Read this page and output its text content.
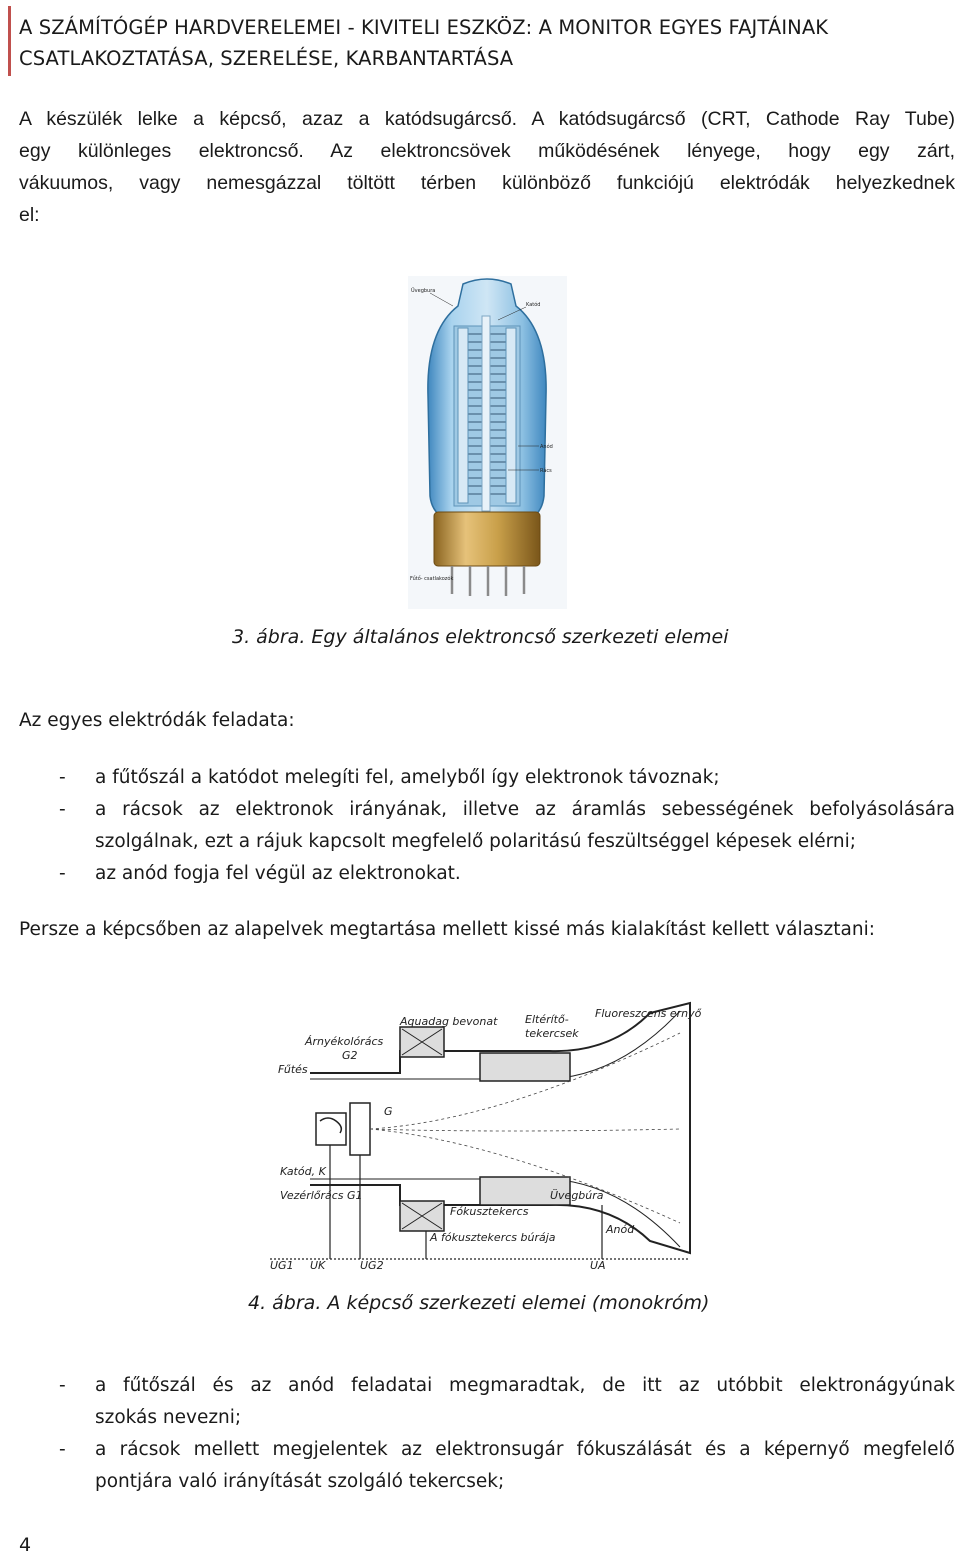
A SZÁMÍTÓGÉP HARDVERELEMEI - KIVITELI ESZKÖZ: A MONITOR EGYES FAJTÁINAK
CSATLAKOZTATÁSA, SZERELÉSE, KARBANTARTÁSA
A készülék lelke a képcső, azaz a katódsugárcső. A katódsugárcső (CRT, Cathode Ray Tube)
egy különleges elektroncső. Az elektroncsövek működésének lényege, hogy egy zárt,
vákuumos, vagy nemesgázzal töltött térben különböző funkciójú elektródák helyezkednek
el:
Üvegbura
Katód
Anód
Rács
Fűtő- csatlakozók
3. ábra. Egy általános elektroncső szerkezeti elemei
Az egyes elektródák feladata:
- a fűtőszál a katódot melegíti fel, amelyből így elektronok távoznak;
- a rácsok az elektronok irányának, illetve az áramlás sebességének befolyásolására
szolgálnak, ezt a rájuk kapcsolt megfelelő polaritású feszültséggel képesek elérni;
- az anód fogja fel végül az elektronokat.
Persze a képcsőben az alapelvek megtartása mellett kissé más kialakítást kellett választani:
Aquadag bevonat	Eltérítő-
tekercsek
Fluoreszcens ernyő
Árnyékolórács
G2
Fűtés
G
Katód, K
Vezérlőrács G1	Üvegbúra
Fókusztekercs
Anód
A fókusztekercs búrája
UG1 UK	UG2	UA
4. ábra. A képcső szerkezeti elemei (monokróm)
- a fűtőszál és az anód feladatai megmaradtak, de itt az utóbbit elektronágyúnak
szokás nevezni;
- a rácsok mellett megjelentek az elektronsugár fókuszálását és a képernyő megfelelő
pontjára való irányítását szolgáló tekercsek;
4
